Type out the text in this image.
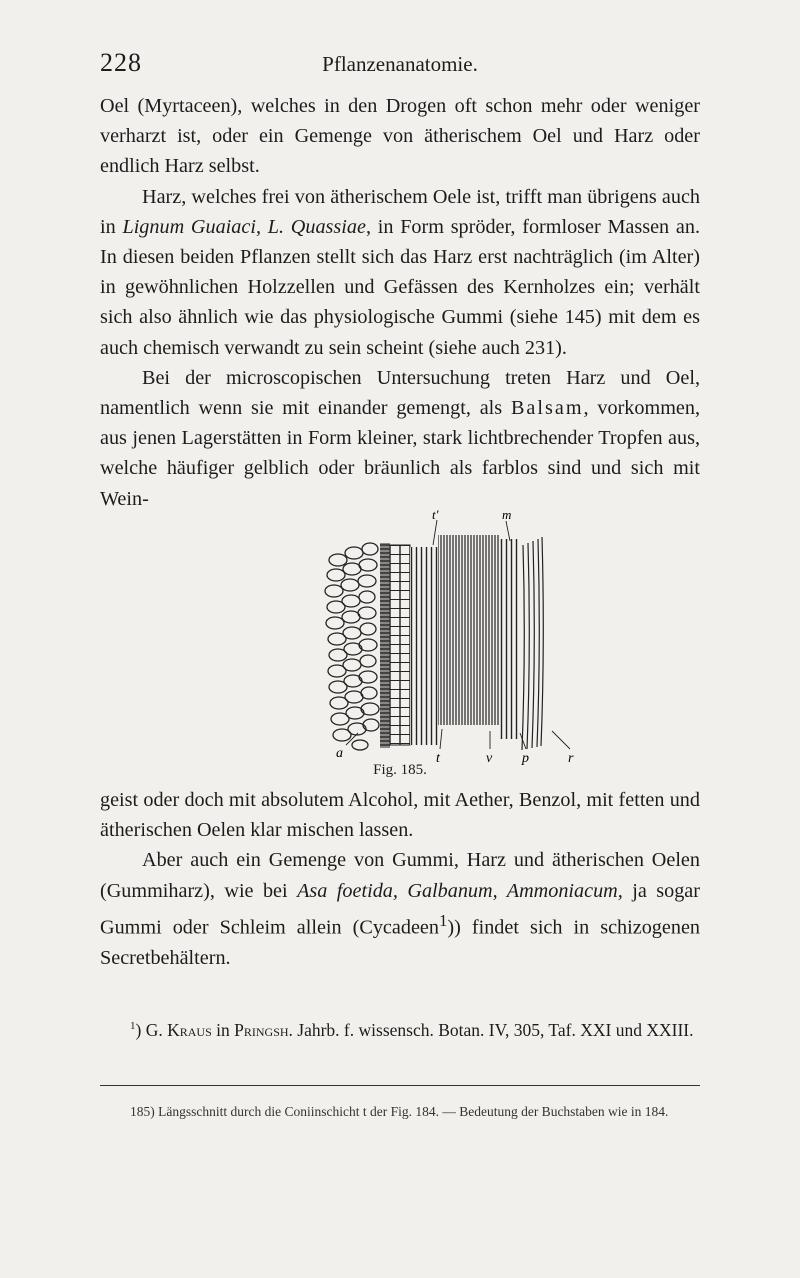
228	Pflanzenanatomie.

Oel (Myrtaceen), welches in den Drogen oft schon mehr oder weniger verharzt ist, oder ein Gemenge von ätherischem Oel und Harz oder endlich Harz selbst.

Harz, welches frei von ätherischem Oele ist, trifft man übrigens auch in Lignum Guaiaci, L. Quassiae, in Form spröder, formloser Massen an. In diesen beiden Pflanzen stellt sich das Harz erst nachträglich (im Alter) in gewöhnlichen Holzzellen und Gefässen des Kernholzes ein; verhält sich also ähnlich wie das physiologische Gummi (siehe 145) mit dem es auch chemisch verwandt zu sein scheint (siehe auch 231).

Bei der microscopischen Untersuchung treten Harz und Oel, namentlich wenn sie mit einander gemengt, als Balsam, vorkommen, aus jenen Lagerstätten in Form kleiner, stark lichtbrechender Tropfen aus, welche häufiger gelblich oder bräunlich als farblos sind und sich mit Wein-

t′	m
a	t	v p	r
Fig. 185.

geist oder doch mit absolutem Alcohol, mit Aether, Benzol, mit fetten und ätherischen Oelen klar mischen lassen.

Aber auch ein Gemenge von Gummi, Harz und ätherischen Oelen (Gummiharz), wie bei Asa foetida, Galbanum, Ammoniacum, ja sogar Gummi oder Schleim allein (Cycadeen$^1$)) findet sich in schizogenen Secretbehältern.

$^1$) G. Kraus in Pringsh. Jahrb. f. wissensch. Botan. IV, 305, Taf. XXI und XXIII.
185) Längsschnitt durch die Coniinschicht t der Fig. 184. — Bedeutung der Buchstaben wie in 184.
